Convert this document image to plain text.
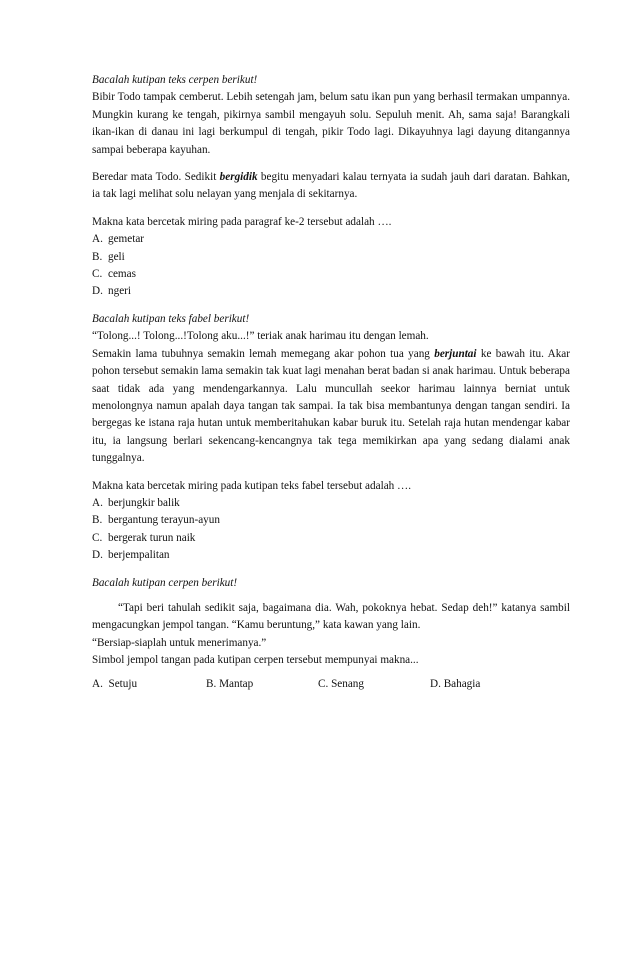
Bacalah kutipan teks cerpen berikut!

Bibir Todo tampak cemberut. Lebih setengah jam, belum satu ikan pun yang berhasil termakan umpannya. Mungkin kurang ke tengah, pikirnya sambil mengayuh solu. Sepuluh menit. Ah, sama saja! Barangkali ikan-ikan di danau ini lagi berkumpul di tengah, pikir Todo lagi. Dikayuhnya lagi dayung ditangannya sampai beberapa kayuhan.

Beredar mata Todo. Sedikit bergidik begitu menyadari kalau ternyata ia sudah jauh dari daratan. Bahkan, ia tak lagi melihat solu nelayan yang menjala di sekitarnya.

Makna kata bercetak miring pada paragraf ke-2 tersebut adalah ….

A. gemetar
B. geli
C. cemas
D. ngeri

Bacalah kutipan teks fabel berikut!

“Tolong...! Tolong...!Tolong aku...!” teriak anak harimau itu dengan lemah.

Semakin lama tubuhnya semakin lemah memegang akar pohon tua yang berjuntai ke bawah itu. Akar pohon tersebut semakin lama semakin tak kuat lagi menahan berat badan si anak harimau. Untuk beberapa saat tidak ada yang mendengarkannya. Lalu muncullah seekor harimau lainnya berniat untuk menolongnya namun apalah daya tangan tak sampai. Ia tak bisa membantunya dengan tangan sendiri. Ia bergegas ke istana raja hutan untuk memberitahukan kabar buruk itu. Setelah raja hutan mendengar kabar itu, ia langsung berlari sekencang-kencangnya tak tega memikirkan apa yang sedang dialami anak tunggalnya.

Makna kata bercetak miring pada kutipan teks fabel tersebut adalah ….

A. berjungkir balik
B. bergantung terayun-ayun
C. bergerak turun naik
D. berjempalitan

Bacalah kutipan cerpen berikut!

“Tapi beri tahulah sedikit saja, bagaimana dia. Wah, pokoknya hebat. Sedap deh!” katanya sambil mengacungkan jempol tangan. “Kamu beruntung,” kata kawan yang lain.

“Bersiap-siaplah untuk menerimanya.”

Simbol jempol tangan pada kutipan cerpen tersebut mempunyai makna...

A. Setuju	B. Mantap	C. Senang	D. Bahagia
